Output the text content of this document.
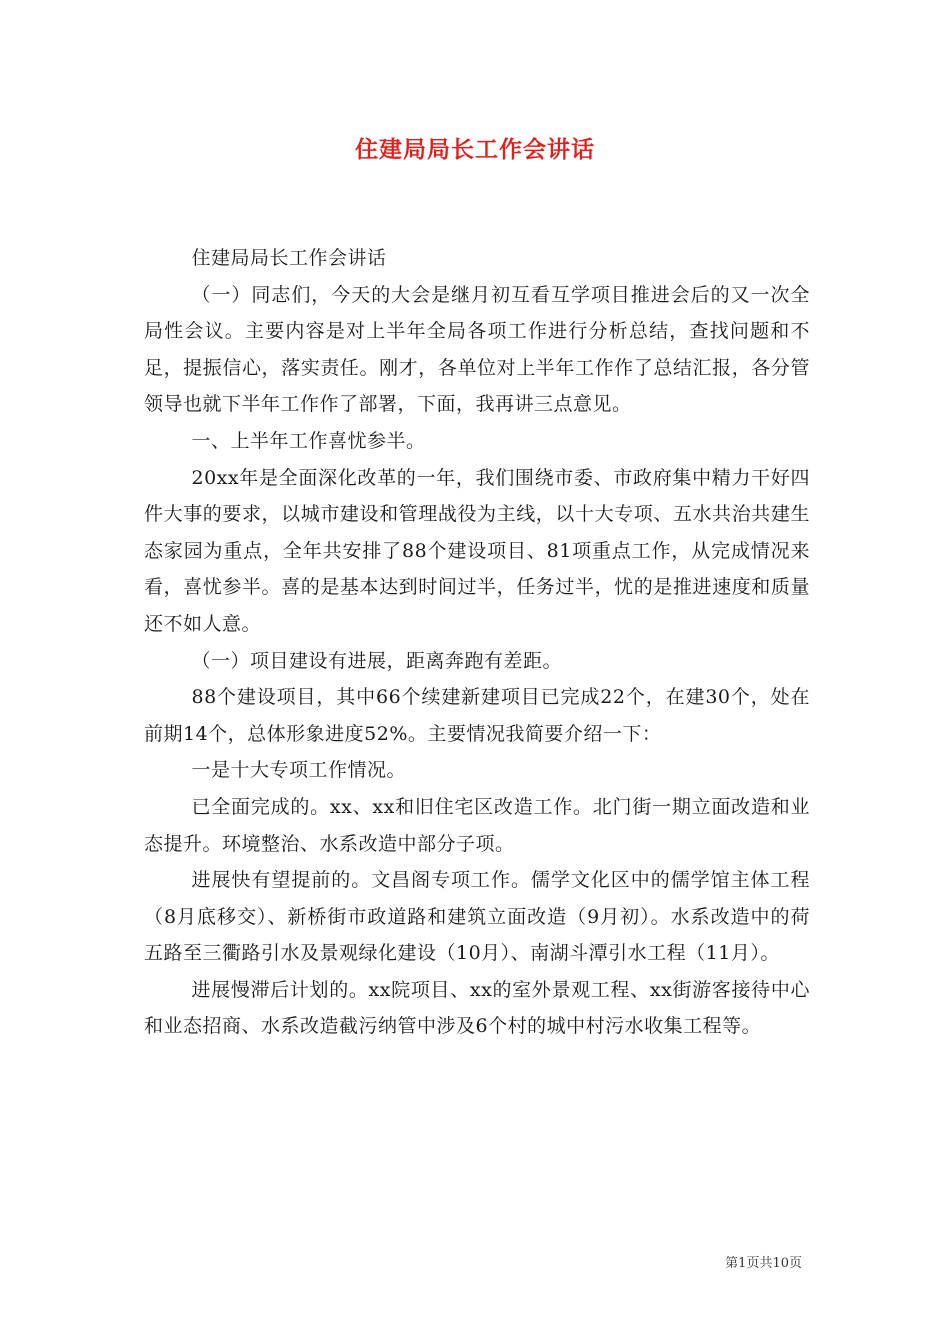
住建局局长工作会讲话

住建局局长工作会讲话

（一）同志们，今天的大会是继月初互看互学项目推进会后的又一次全局性会议。主要内容是对上半年全局各项工作进行分析总结，查找问题和不足，提振信心，落实责任。刚才，各单位对上半年工作作了总结汇报，各分管领导也就下半年工作作了部署，下面，我再讲三点意见。

一、上半年工作喜忧参半。

20xx年是全面深化改革的一年，我们围绕市委、市政府集中精力干好四件大事的要求，以城市建设和管理战役为主线，以十大专项、五水共治共建生态家园为重点，全年共安排了88个建设项目、81项重点工作，从完成情况来看，喜忧参半。喜的是基本达到时间过半，任务过半，忧的是推进速度和质量还不如人意。

（一）项目建设有进展，距离奔跑有差距。

88个建设项目，其中66个续建新建项目已完成22个，在建30个，处在前期14个，总体形象进度52%。主要情况我简要介绍一下：

一是十大专项工作情况。

已全面完成的。xx、xx和旧住宅区改造工作。北门街一期立面改造和业态提升。环境整治、水系改造中部分子项。

进展快有望提前的。文昌阁专项工作。儒学文化区中的儒学馆主体工程（8月底移交）、新桥街市政道路和建筑立面改造（9月初）。水系改造中的荷五路至三衢路引水及景观绿化建设（10月）、南湖斗潭引水工程（11月）。

进展慢滞后计划的。xx院项目、xx的室外景观工程、xx街游客接待中心和业态招商、水系改造截污纳管中涉及6个村的城中村污水收集工程等。

第1页共10页
